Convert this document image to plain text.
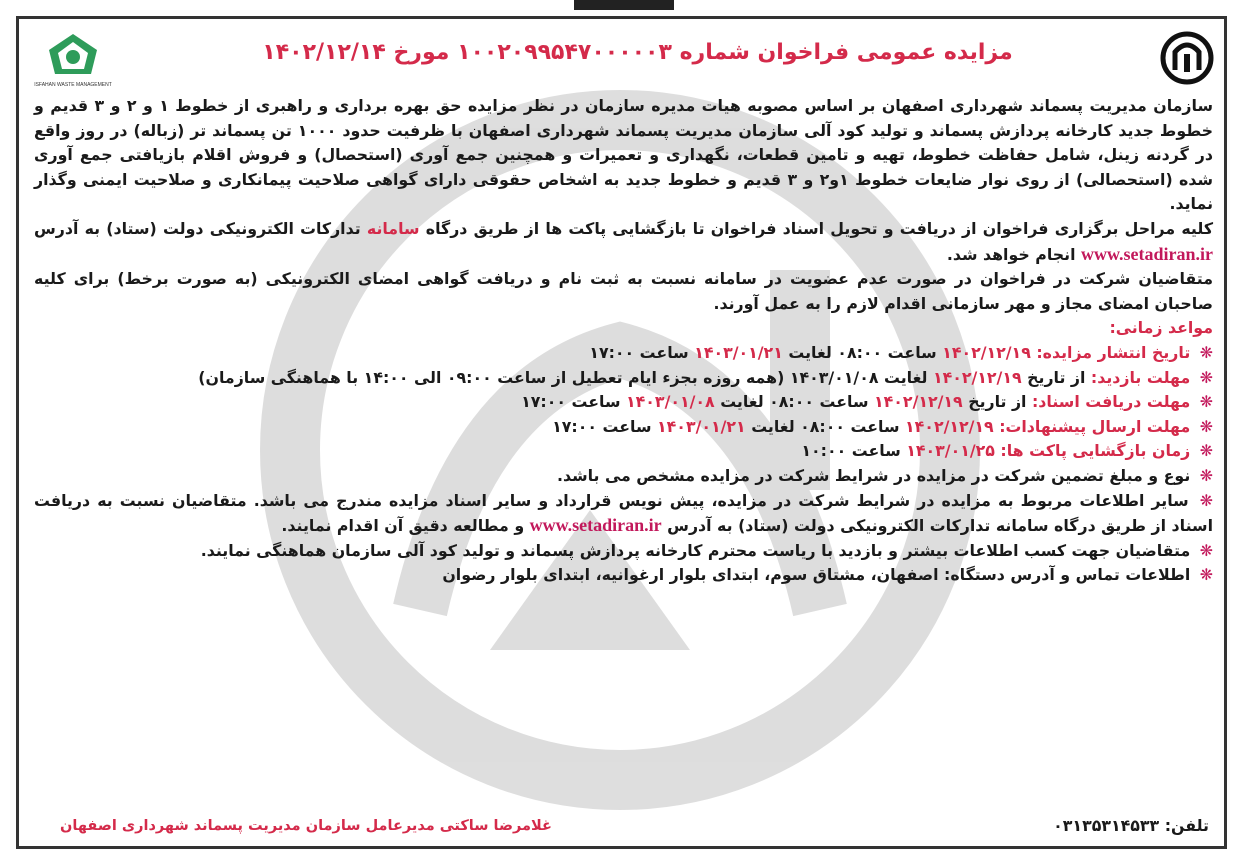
ISFAHAN WASTE MANAGEMENT
مزایده عمومی فراخوان شماره ۱۰۰۲۰۹۹۵۴۷۰۰۰۰۰۳ مورخ ۱۴۰۲/۱۲/۱۴

سازمان مدیریت پسماند شهرداری اصفهان بر اساس مصوبه هیات مدیره سازمان در نظر مزایده حق بهره برداری و راهبری از خطوط ۱ و ۲ و ۳ قدیم و خطوط جدید کارخانه پردازش پسماند و تولید کود آلی سازمان مدیریت پسماند شهرداری اصفهان با ظرفیت حدود ۱۰۰۰ تن پسماند تر (زباله) در روز واقع در گردنه زینل، شامل حفاظت خطوط، تهیه و تامین قطعات، نگهداری و تعمیرات و همچنین جمع آوری (استحصال) و فروش اقلام بازیافتی جمع آوری شده (استحصالی) از روی نوار ضایعات خطوط ۱و۲ و ۳ قدیم و خطوط جدید به اشخاص حقوقی دارای گواهی صلاحیت پیمانکاری و صلاحیت ایمنی وگذار نماید.

کلیه مراحل برگزاری فراخوان از دریافت و تحویل اسناد فراخوان تا بازگشایی پاکت ها از طریق درگاه سامانه تدارکات الکترونیکی دولت (ستاد) به آدرس www.setadiran.ir انجام خواهد شد.

متقاضیان شرکت در فراخوان در صورت عدم عضویت در سامانه نسبت به ثبت نام و دریافت گواهی امضای الکترونیکی (به صورت برخط) برای کلیه صاحبان امضای مجاز و مهر سازمانی اقدام لازم را به عمل آورند.

مواعد زمانی:

❋ تاریخ انتشار مزایده: ۱۴۰۲/۱۲/۱۹ ساعت ۰۸:۰۰ لغایت ۱۴۰۳/۰۱/۲۱ ساعت ۱۷:۰۰

❋ مهلت بازدید: از تاریخ ۱۴۰۲/۱۲/۱۹ لغایت ۱۴۰۳/۰۱/۰۸ (همه روزه بجزء ایام تعطیل از ساعت ۰۹:۰۰ الی ۱۴:۰۰ با هماهنگی سازمان)

❋ مهلت دریافت اسناد: از تاریخ ۱۴۰۲/۱۲/۱۹ ساعت ۰۸:۰۰ لغایت ۱۴۰۳/۰۱/۰۸ ساعت ۱۷:۰۰

❋ مهلت ارسال پیشنهادات: ۱۴۰۲/۱۲/۱۹ ساعت ۰۸:۰۰ لغایت ۱۴۰۳/۰۱/۲۱ ساعت ۱۷:۰۰

❋ زمان بازگشایی پاکت ها: ۱۴۰۳/۰۱/۲۵ ساعت ۱۰:۰۰

❋ نوع و مبلغ تضمین شرکت در مزایده در شرایط شرکت در مزایده مشخص می باشد.

❋ سایر اطلاعات مربوط به مزایده در شرایط شرکت در مزایده، پیش نویس قرارداد و سایر اسناد مزایده مندرج می باشد. متقاضیان نسبت به دریافت اسناد از طریق درگاه سامانه تدارکات الکترونیکی دولت (ستاد) به آدرس www.setadiran.ir و مطالعه دقیق آن اقدام نمایند.

❋ متقاضیان جهت کسب اطلاعات بیشتر و بازدید با ریاست محترم کارخانه پردازش پسماند و تولید کود آلی سازمان هماهنگی نمایند.

❋ اطلاعات تماس و آدرس دستگاه: اصفهان، مشتاق سوم، ابتدای بلوار ارغوانیه، ابتدای بلوار رضوان

تلفن: ۰۳۱۳۵۳۱۴۵۳۳
غلامرضا ساکتی مدیرعامل سازمان مدیریت پسماند شهرداری اصفهان
